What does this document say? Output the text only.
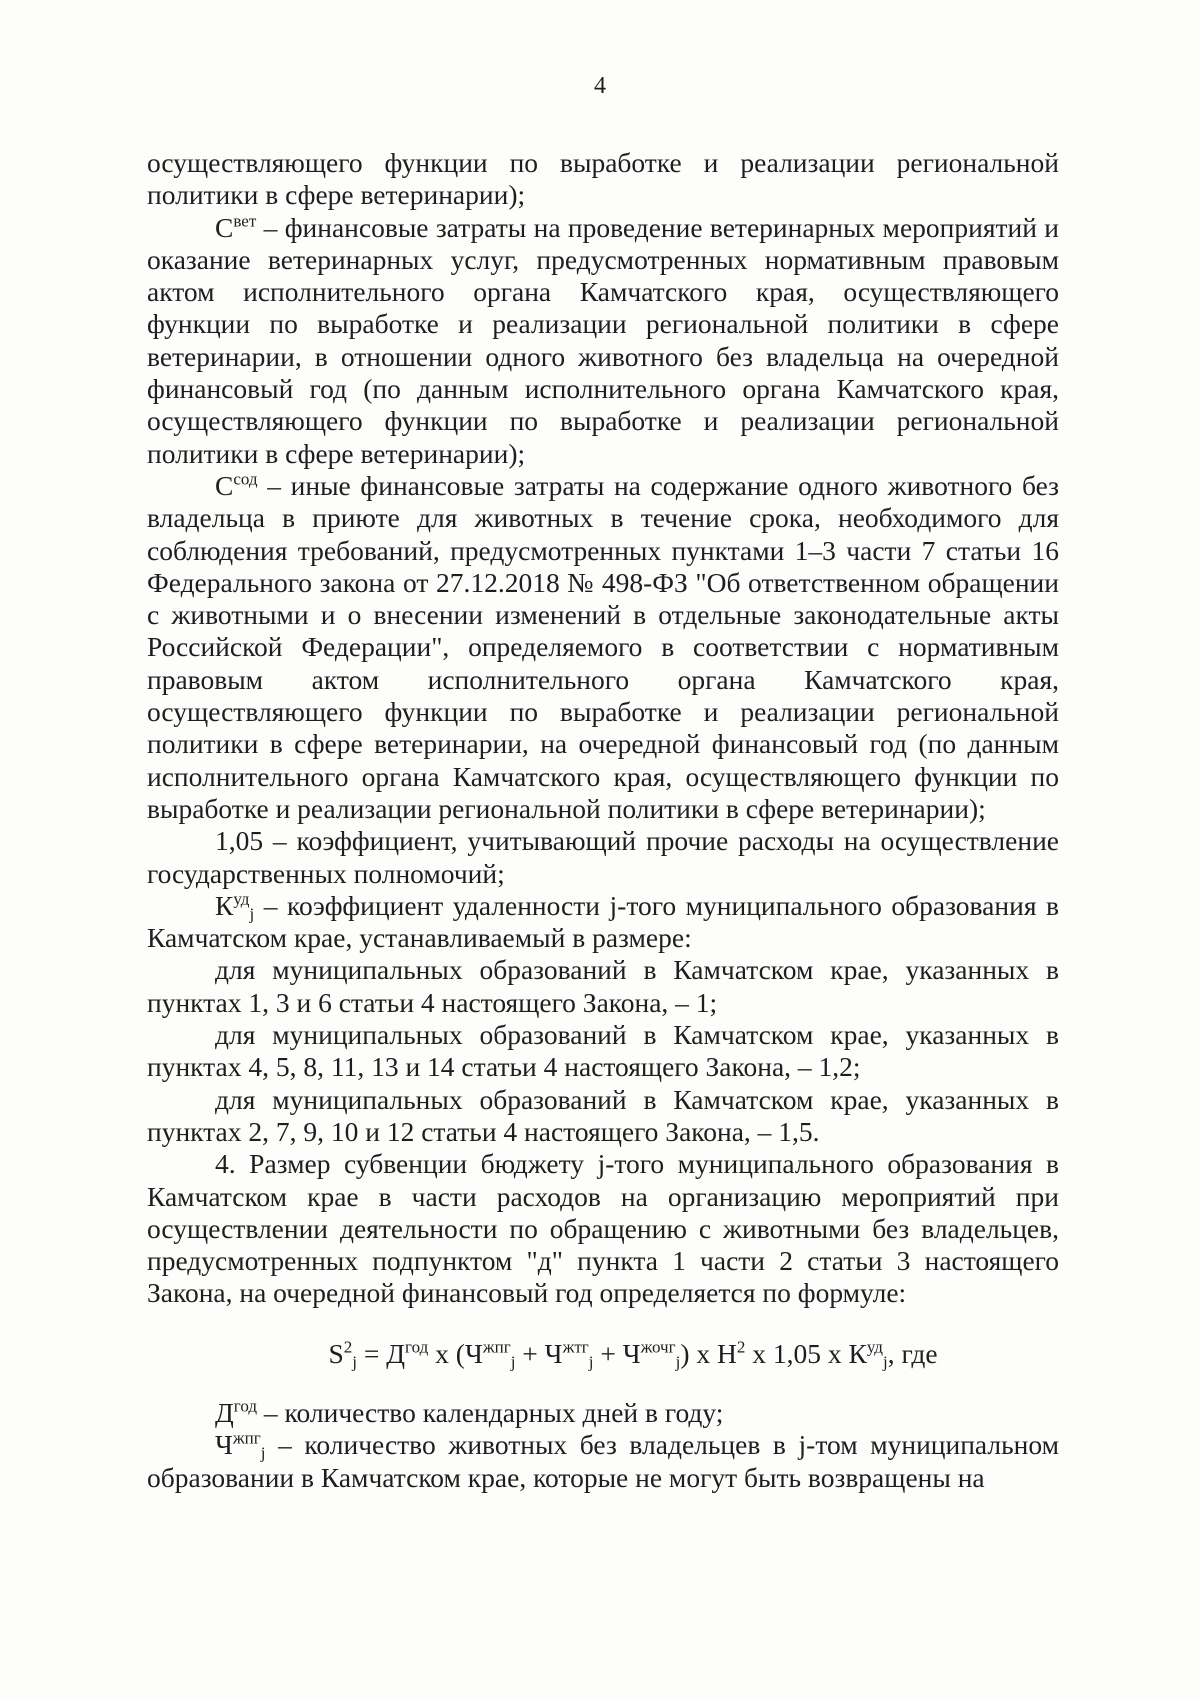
4

осуществляющего функции по выработке и реализации региональной политики в сфере ветеринарии);

$С^{вет}$ – финансовые затраты на проведение ветеринарных мероприятий и оказание ветеринарных услуг, предусмотренных нормативным правовым актом исполнительного органа Камчатского края, осуществляющего функции по выработке и реализации региональной политики в сфере ветеринарии, в отношении одного животного без владельца на очередной финансовый год (по данным исполнительного органа Камчатского края, осуществляющего функции по выработке и реализации региональной политики в сфере ветеринарии);

$С^{сод}$ – иные финансовые затраты на содержание одного животного без владельца в приюте для животных в течение срока, необходимого для соблюдения требований, предусмотренных пунктами 1–3 части 7 статьи 16 Федерального закона от 27.12.2018 № 498-ФЗ "Об ответственном обращении с животными и о внесении изменений в отдельные законодательные акты Российской Федерации", определяемого в соответствии с нормативным правовым актом исполнительного органа Камчатского края, осуществляющего функции по выработке и реализации региональной политики в сфере ветеринарии, на очередной финансовый год (по данным исполнительного органа Камчатского края, осуществляющего функции по выработке и реализации региональной политики в сфере ветеринарии);

1,05 – коэффициент, учитывающий прочие расходы на осуществление государственных полномочий;

$К^{уд}_j$ – коэффициент удаленности j-того муниципального образования в Камчатском крае, устанавливаемый в размере:

для муниципальных образований в Камчатском крае, указанных в пунктах 1, 3 и 6 статьи 4 настоящего Закона, – 1;

для муниципальных образований в Камчатском крае, указанных в пунктах 4, 5, 8, 11, 13 и 14 статьи 4 настоящего Закона, – 1,2;

для муниципальных образований в Камчатском крае, указанных в пунктах 2, 7, 9, 10 и 12 статьи 4 настоящего Закона, – 1,5.

4. Размер субвенции бюджету j-того муниципального образования в Камчатском крае в части расходов на организацию мероприятий при осуществлении деятельности по обращению с животными без владельцев, предусмотренных подпунктом "д" пункта 1 части 2 статьи 3 настоящего Закона, на очередной финансовый год определяется по формуле:

$S^2_j = Д^{год}$ х $(Ч^{жпг}_j + Ч^{жтг}_j + Ч^{жочг}_j)$ х $Н^2$ х 1,05 х $К^{уд}_j$, где

$Д^{год}$ – количество календарных дней в году;

$Ч^{жпг}_j$ – количество животных без владельцев в j-том муниципальном образовании в Камчатском крае, которые не могут быть возвращены на
